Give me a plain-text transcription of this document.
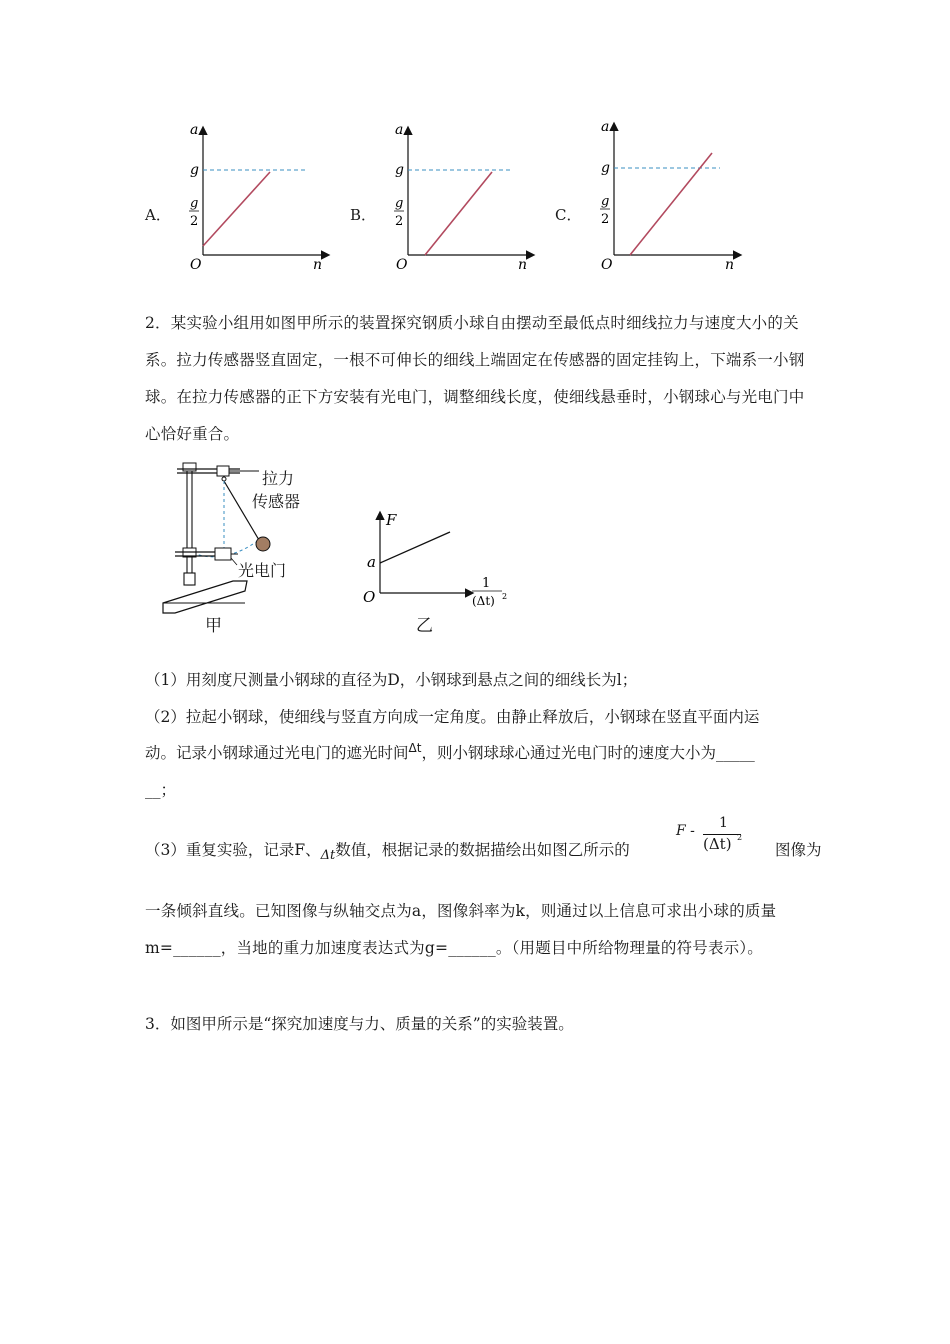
A．	B．	C．
a
g
g
2
O	n
a
g
g
2
O	n
a
g
g
2
O	n
2．某实验小组用如图甲所示的装置探究钢质小球自由摆动至最低点时细线拉力与速度大小的关系。拉力传感器竖直固定，一根不可伸长的细线上端固定在传感器的固定挂钩上，下端系一小钢球。在拉力传感器的正下方安装有光电门，调整细线长度，使细线悬垂时，小钢球心与光电门中心恰好重合。
拉力
传感器
光电门
甲
F
a
O
1
(Δt) 2
乙
（1）用刻度尺测量小钢球的直径为D，小钢球到悬点之间的细线长为l；
（2）拉起小钢球，使细线与竖直方向成一定角度。由静止释放后，小钢球在竖直平面内运
动。记录小钢球通过光电门的遮光时间$^{\Delta t}$，则小钢球球心通过光电门时的速度大小为_____
__；
（3）重复实验，记录F、$_{\Delta t}$数值，根据记录的数据描绘出如图乙所示的
F - 1
(Δt) 2
图像为
一条倾斜直线。已知图像与纵轴交点为a，图像斜率为k，则通过以上信息可求出小球的质量m=______，当地的重力加速度表达式为g=______。（用题目中所给物理量的符号表示）。
3．如图甲所示是“探究加速度与力、质量的关系”的实验装置。
